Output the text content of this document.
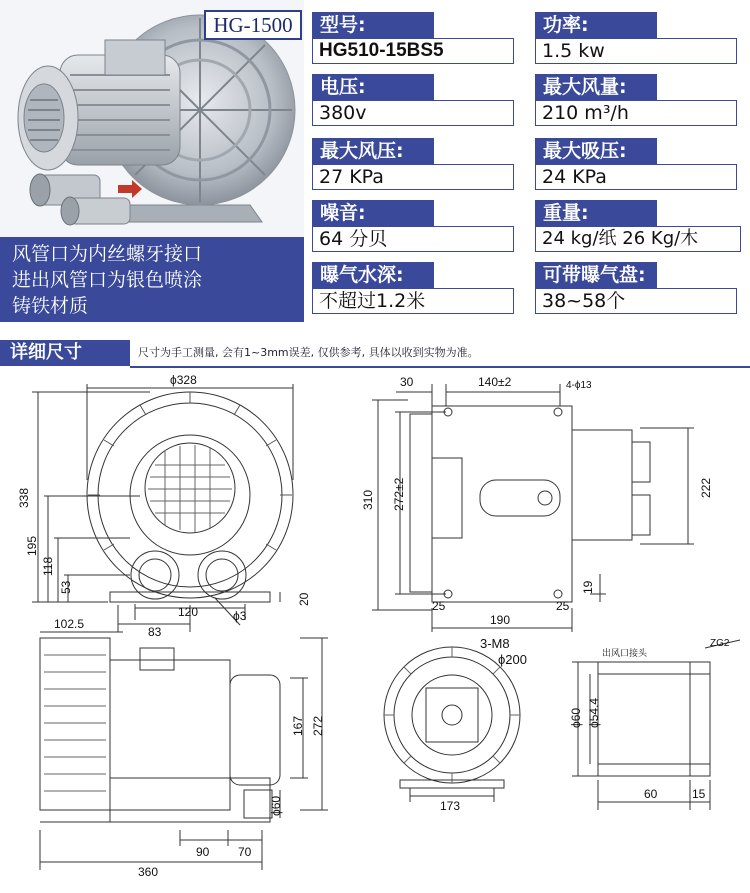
HG-1500
风管口为内丝螺牙接口
进出风管口为银色喷涂
铸铁材质
型号:
HG510-15BS5
功率:
1.5 kw
电压:
380v
最大风量:
210 m³/h
最大风压:
27 KPa
最大吸压:
24 KPa
噪音:
64 分贝
重量:
24 kg/纸 26 Kg/木
曝气水深:
不超过1.2米
可带曝气盘:
38~58个
详细尺寸	尺寸为手工测量, 会有1~3mm误差, 仅供参考, 具体以收到实物为准。
ϕ328
338
195
118
53
120
83
ϕ3
20
30	140±2	4-ϕ13
310 272±2	222
19
25
190
25
102.5
167 272
ϕ60
90 70
360
3-M8
ϕ200
173
出风口接头
ZG2
ϕ60 ϕ54.4
60	15
